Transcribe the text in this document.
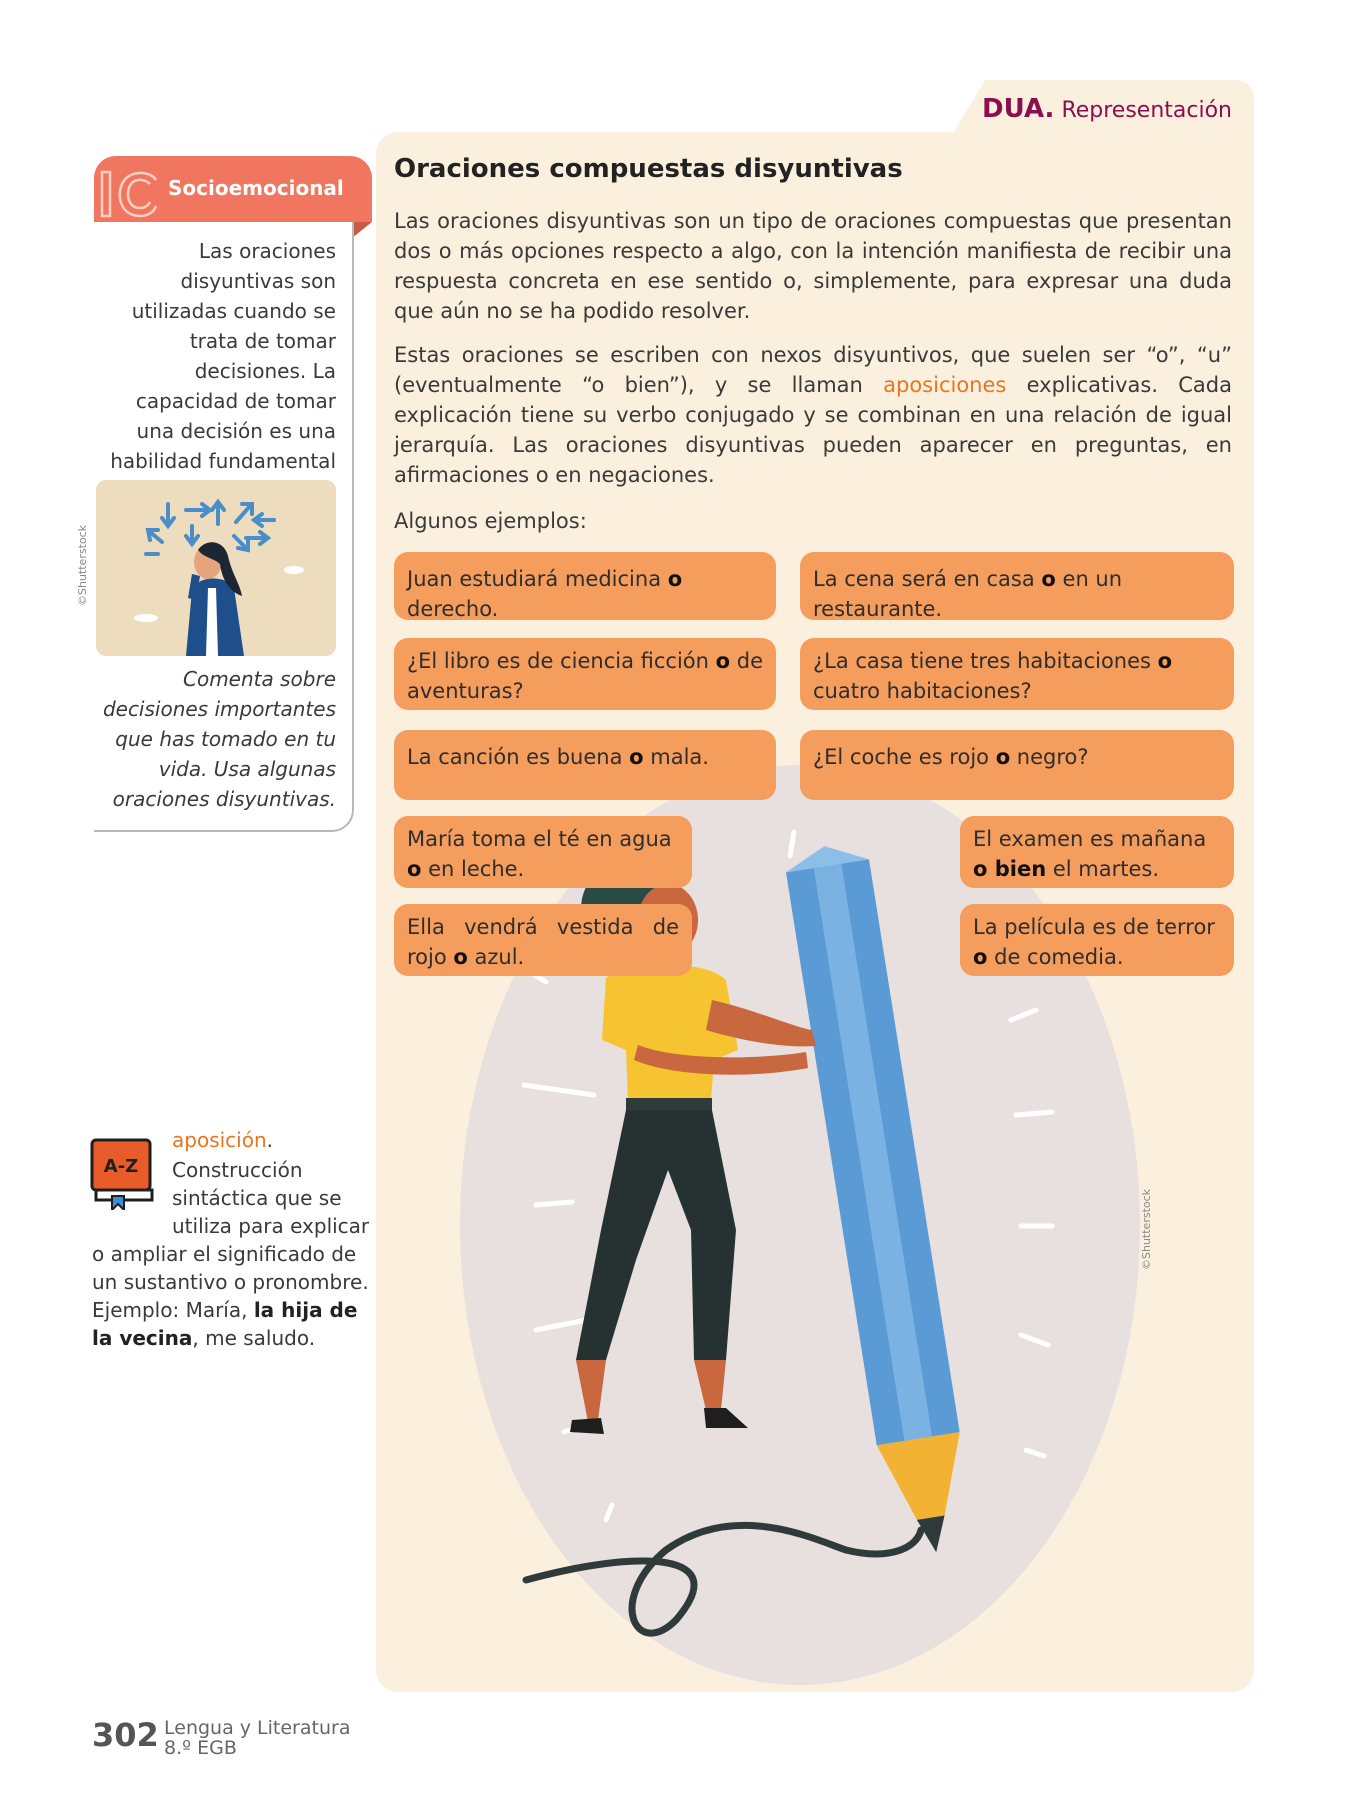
DUA. Representación
Oraciones compuestas disyuntivas

Las oraciones disyuntivas son un tipo de oraciones compuestas que presentan dos o más opciones respecto a algo, con la intención manifiesta de recibir una respuesta concreta en ese sentido o, simplemente, para expresar una duda que aún no se ha podido resolver.

Estas oraciones se escriben con nexos disyuntivos, que suelen ser “o”, “u” (eventualmente “o bien”), y se llaman aposiciones explicativas. Cada explicación tiene su verbo conjugado y se combinan en una relación de igual jerarquía. Las oraciones disyuntivas pueden aparecer en preguntas, en afirmaciones o en negaciones.

Algunos ejemplos:

©Shutterstock
Juan estudiará medicina o derecho.
La cena será en casa o en un restaurante.
¿El libro es de ciencia ficción o de aventuras?
¿La casa tiene tres habitaciones o cuatro habitaciones?
La canción es buena o mala.	¿El coche es rojo o negro?
María toma el té en agua o en leche.
El examen es mañana o bien el martes.
Ella vendrá vestida de rojo o azul.
La película es de terror o de comedia.
Socioemocional

Las oraciones disyuntivas son utilizadas cuando se trata de tomar decisiones. La capacidad de tomar una decisión es una habilidad fundamental

©Shutterstock

Comenta sobre decisiones importantes que has tomado en tu vida. Usa algunas oraciones disyuntivas.

A-Z
aposición.
Construcción sintáctica que se utiliza para explicar
o ampliar el significado de un sustantivo o pronombre. Ejemplo: María, la hija de la vecina, me saludo.
302 Lengua y Literatura
8.º EGB
